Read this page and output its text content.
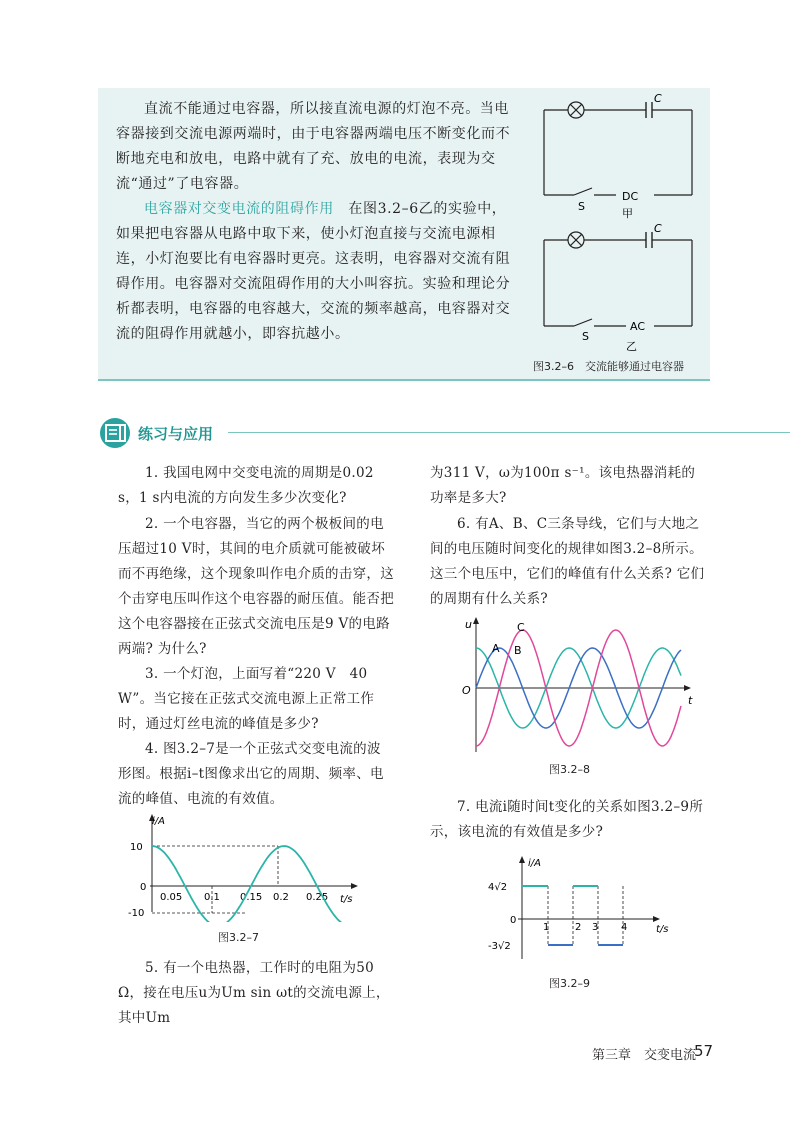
直流不能通过电容器，所以接直流电源的灯泡不亮。当电容器接到交流电源两端时，由于电容器两端电压不断变化而不断地充电和放电，电路中就有了充、放电的电流，表现为交流“通过”了电容器。
电容器对交变电流的阻碍作用　 在图3.2–6乙的实验中，如果把电容器从电路中取下来，使小灯泡直接与交流电源相连，小灯泡要比有电容器时更亮。这表明，电容器对交流有阻碍作用。电容器对交流阻碍作用的大小叫容抗。实验和理论分析都表明，电容器的电容越大，交流的频率越高，电容器对交流的阻碍作用就越小，即容抗越小。
C
S
DC
甲
C
S
AC
乙
图3.2–6　交流能够通过电容器
练习与应用
1. 我国电网中交变电流的周期是0.02 s，1 s内电流的方向发生多少次变化?
2. 一个电容器，当它的两个极板间的电压超过10 V时，其间的电介质就可能被破坏而不再绝缘，这个现象叫作电介质的击穿，这个击穿电压叫作这个电容器的耐压值。能否把这个电容器接在正弦式交流电压是9 V的电路两端? 为什么?
3. 一个灯泡，上面写着“220 V　40 W”。当它接在正弦式交流电源上正常工作时，通过灯丝电流的峰值是多少?
4. 图3.2–7是一个正弦式交变电流的波形图。根据i–t图像求出它的周期、频率、电流的峰值、电流的有效值。
i/A
t/s
10
0
-10
0.05 0.1 0.15 0.2 0.25
图3.2–7
5. 有一个电热器，工作时的电阻为50 Ω，接在电压u为Um sin ωt的交流电源上，其中Um
为311 V，ω为100π s⁻¹。该电热器消耗的功率是多大?
6. 有A、B、C三条导线，它们与大地之间的电压随时间变化的规律如图3.2–8所示。这三个电压中，它们的峰值有什么关系? 它们的周期有什么关系?
u
t
O
A B
C
图3.2–8
7. 电流i随时间t变化的关系如图3.2–9所示，该电流的有效值是多少?
i/A
t/s
4√2
0
-3√2
1	2 3 4
图3.2–9
第三章　交变电流
57
